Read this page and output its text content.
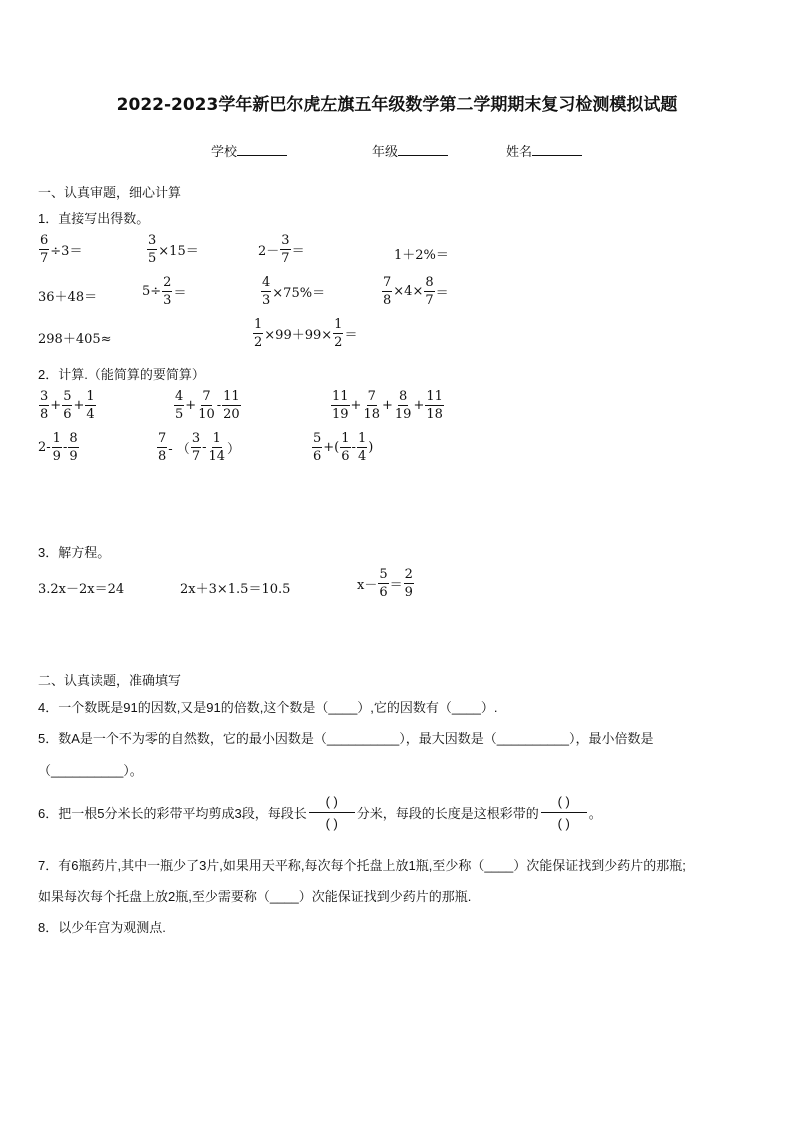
2022-2023学年新巴尔虎左旗五年级数学第二学期期末复习检测模拟试题
学校	年级	姓名
一、认真审题，细心计算
1．直接写出得数。
$\frac{6}{7} \div 3=$	$\frac{3}{5} \times 15=$	$2- \frac{3}{7}$ ＝	1＋2%＝
36＋48＝	$5\div \frac{2}{3}$ ＝	$\frac{4}{3} \times 75\%=$	$\frac{7}{8} \times 4\times \frac{8}{7}$ ＝
298＋405≈	$\frac{1}{2} \times 99+99\times \frac{1}{2}$ ＝
2．计算.（能简算的要简算）
$\frac{3}{8} + \frac{5}{6} + \frac{1}{4}$	$\frac{4}{5} + \frac{7}{10} - \frac{11}{20}$	$\frac{11}{19} + \frac{7}{18} + \frac{8}{19} + \frac{11}{18}$
$2- \frac{1}{9} - \frac{8}{9}$	$\frac{7}{8}$ - （ $\frac{3}{7} - \frac{1}{14}$ ）	$\frac{5}{6}$ +( $\frac{1}{6} - \frac{1}{4}$ )
3．解方程。
3.2x－2x＝24	2x＋3×1.5＝10.5	$x- \frac{5}{6} = \frac{2}{9}$
二、认真读题，准确填写
4．一个数既是91的因数,又是91的倍数,这个数是（____）,它的因数有（____）.
5．数A是一个不为零的自然数，它的最小因数是（__________），最大因数是（__________），最小倍数是
（__________）。
6．把一根5分米长的彩带平均剪成3段，每段长
( )
( )
分米，每段的长度是这根彩带的
( )
( )
。
7．有6瓶药片,其中一瓶少了3片,如果用天平称,每次每个托盘上放1瓶,至少称（____）次能保证找到少药片的那瓶;
如果每次每个托盘上放2瓶,至少需要称（____）次能保证找到少药片的那瓶.
8．以少年宫为观测点.
